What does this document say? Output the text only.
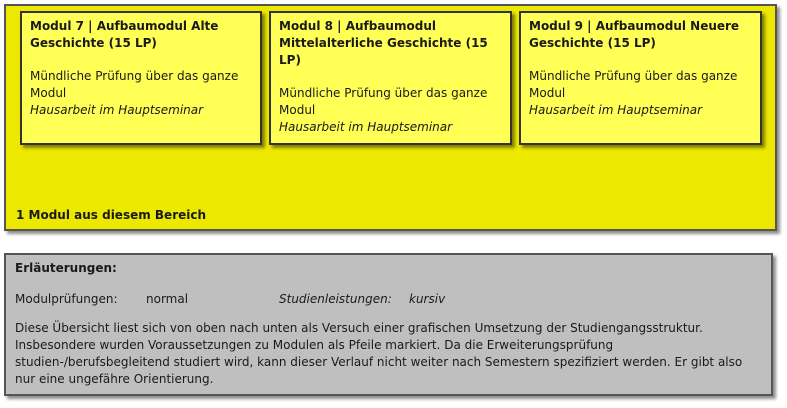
Modul 7 | Aufbaumodul Alte Geschichte (15 LP)
Mündliche Prüfung über das ganze Modul
Hausarbeit im Hauptseminar
Modul 8 | Aufbaumodul Mittelalterliche Geschichte (15 LP)
Mündliche Prüfung über das ganze Modul
Hausarbeit im Hauptseminar
Modul 9 | Aufbaumodul Neuere Geschichte (15 LP)
Mündliche Prüfung über das ganze Modul
Hausarbeit im Hauptseminar
1 Modul aus diesem Bereich
Erläuterungen:
Modulprüfungen: normal	Studienleistungen: kursiv
Diese Übersicht liest sich von oben nach unten als Versuch einer grafischen Umsetzung der Studiengangsstruktur. Insbesondere wurden Voraussetzungen zu Modulen als Pfeile markiert. Da die Erweiterungsprüfung studien-/berufsbegleitend studiert wird, kann dieser Verlauf nicht weiter nach Semestern spezifiziert werden. Er gibt also nur eine ungefähre Orientierung.
